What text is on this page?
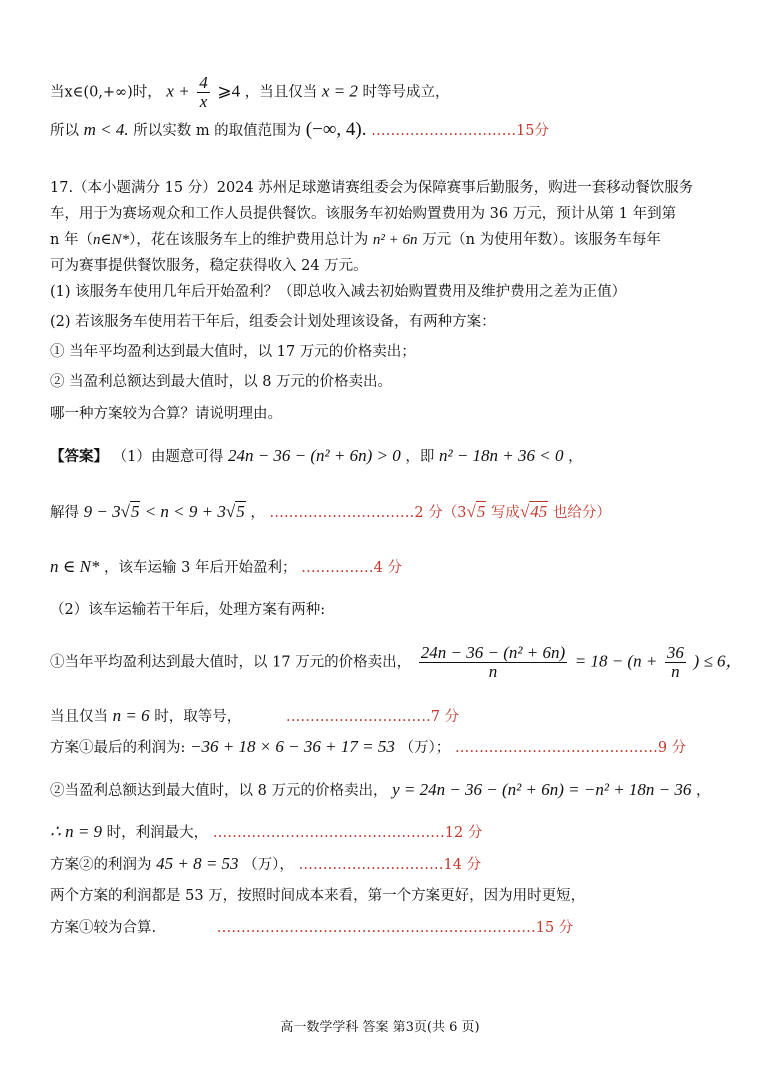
当x∈(0,+∞)时， $x + \frac{4}{x}$ ⩾4 ，当且仅当 x = 2 时等号成立，
所以 m < 4. 所以实数 m 的取值范围为 (−∞, 4). …………………………15分
17.（本小题满分 15 分）2024 苏州足球邀请赛组委会为保障赛事后勤服务，购进一套移动餐饮服务
车，用于为赛场观众和工作人员提供餐饮。该服务车初始购置费用为 36 万元，预计从第 1 年到第
n 年（n∈N*），花在该服务车上的维护费用总计为 n² + 6n 万元（n 为使用年数）。该服务车每年
可为赛事提供餐饮服务，稳定获得收入 24 万元。
(1) 该服务车使用几年后开始盈利？（即总收入减去初始购置费用及维护费用之差为正值）
(2) 若该服务车使用若干年后，组委会计划处理该设备，有两种方案：
① 当年平均盈利达到最大值时，以 17 万元的价格卖出；
② 当盈利总额达到最大值时，以 8 万元的价格卖出。
哪一种方案较为合算？请说明理由。
【答案】 （1）由题意可得 24n − 36 − (n² + 6n) > 0 ，即 n² − 18n + 36 < 0 ，
解得 9 − 3√5 < n < 9 + 3√5 ， …………………………2 分（3√5 写成√45 也给分）
n ∈ N* ，该车运输 3 年后开始盈利； ……………4 分
（2）该车运输若干年后，处理方案有两种:
①当年平均盈利达到最大值时，以 17 万元的价格卖出， $\frac{\text{24n − 36 − (n² + 6n)}}{n} = 18 - (n + \frac{36}{n}$ ) ≤ 6，
当且仅当 n = 6 时，取等号，	…………………………7 分
方案①最后的利润为: −36 + 18 × 6 − 36 + 17 = 53 （万）； ……………………………………9 分
②当盈利总额达到最大值时，以 8 万元的价格卖出， y = 24n − 36 − (n² + 6n) = −n² + 18n − 36 ，
∴ n = 9 时，利润最大， …………………………………………12 分
方案②的利润为 45 + 8 = 53 （万）， …………………………14 分
两个方案的利润都是 53 万，按照时间成本来看，第一个方案更好，因为用时更短，
方案①较为合算.	…………………………………………………………15 分
高一数学学科 答案 第3页(共 6 页)
